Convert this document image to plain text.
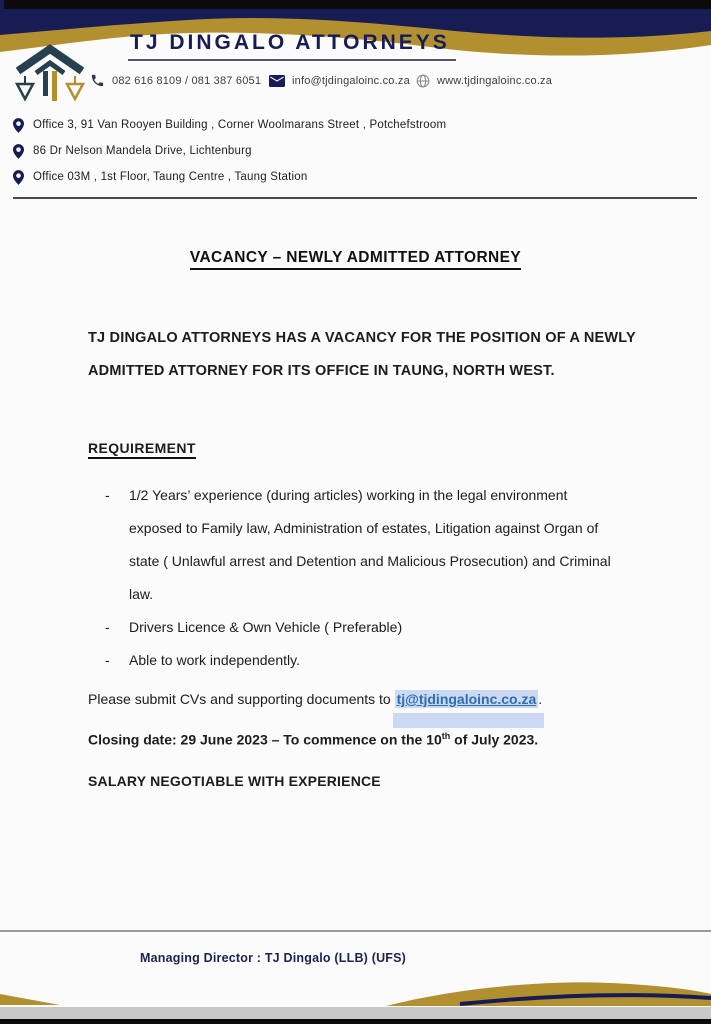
TJ DINGALO ATTORNEYS
082 616 8109 / 081 387 6051	info@tjdingaloinc.co.za www.tjdingaloinc.co.za
Office 3, 91 Van Rooyen Building , Corner Woolmarans Street , Potchefstroom
86 Dr Nelson Mandela Drive, Lichtenburg
Office 03M , 1st Floor, Taung Centre , Taung Station
VACANCY – NEWLY ADMITTED ATTORNEY
TJ DINGALO ATTORNEYS HAS A VACANCY FOR THE POSITION OF A NEWLY
ADMITTED ATTORNEY FOR ITS OFFICE IN TAUNG, NORTH WEST.
REQUIREMENT
-	1/2 Years’ experience (during articles) working in the legal environment
exposed to Family law, Administration of estates, Litigation against Organ of
state ( Unlawful arrest and Detention and Malicious Prosecution) and Criminal
law.
-	Drivers Licence & Own Vehicle ( Preferable)
-	Able to work independently.

Please submit CVs and supporting documents to tj@tjdingaloinc.co.za .

Closing date: 29 June 2023 – To commence on the 10th of July 2023.

SALARY NEGOTIABLE WITH EXPERIENCE

Managing Director : TJ Dingalo (LLB) (UFS)
